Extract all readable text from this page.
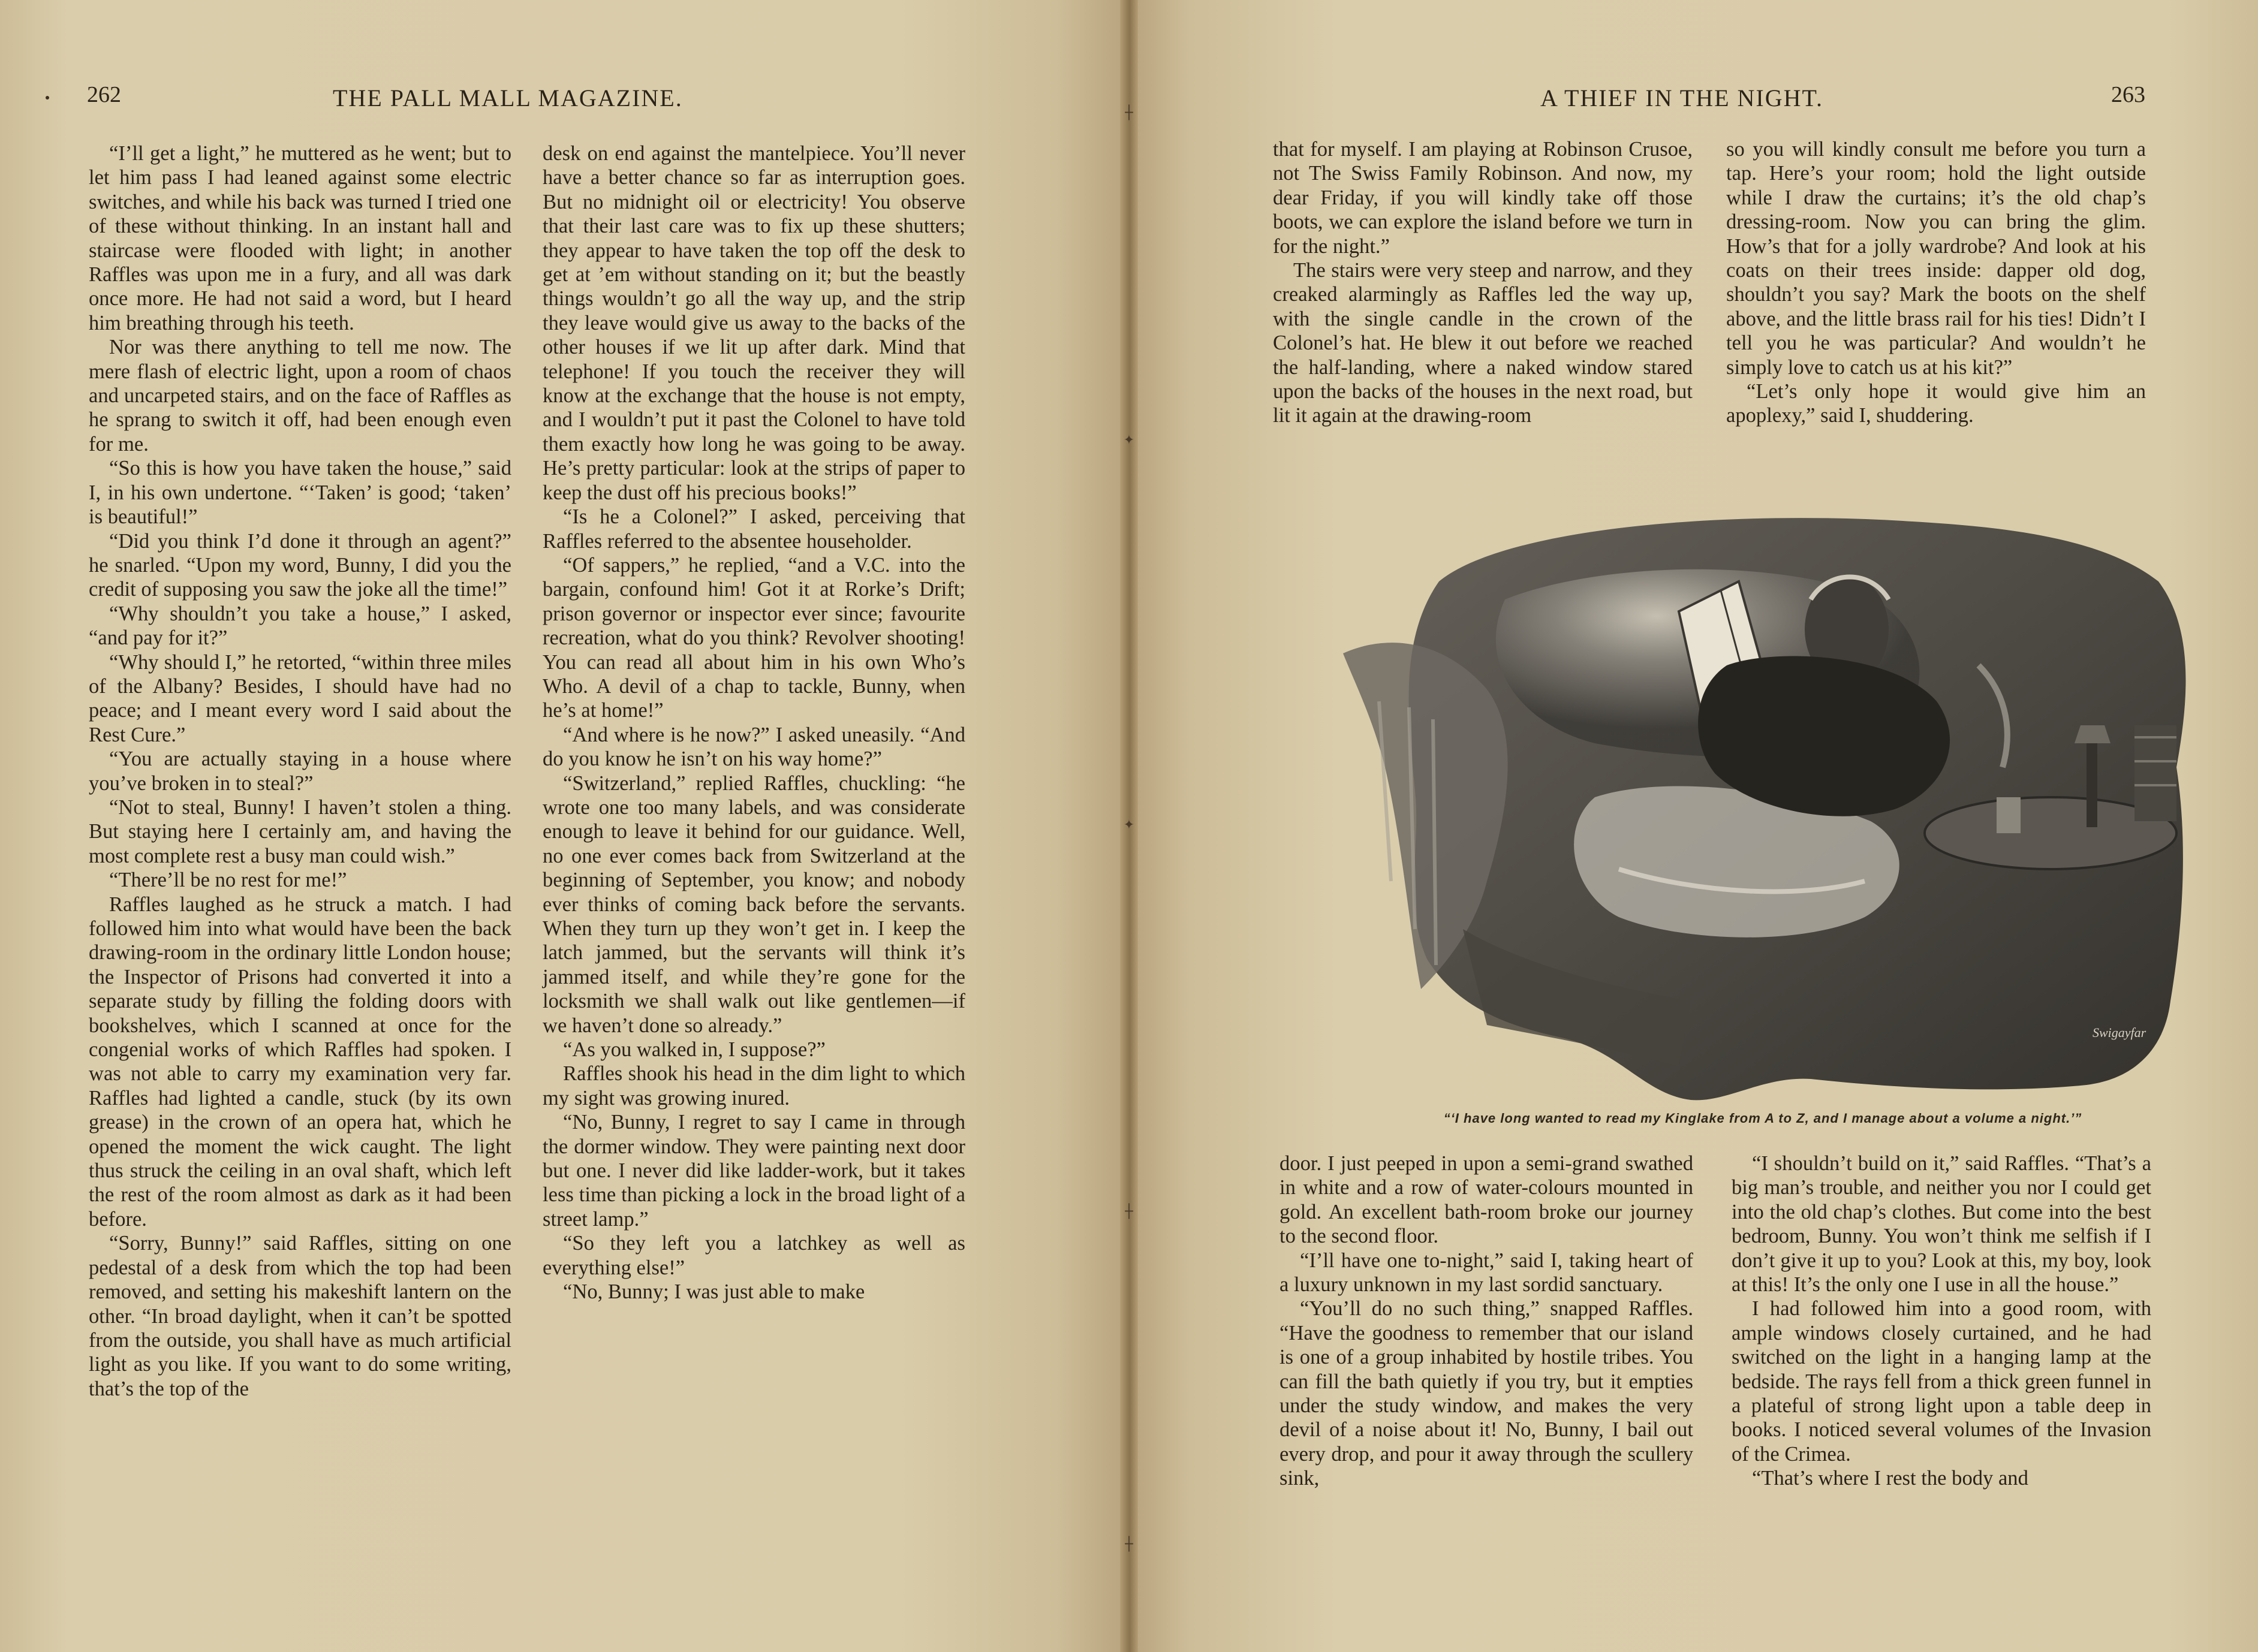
262	THE PALL MALL MAGAZINE.

“I’ll get a light,” he muttered as he went; but to let him pass I had leaned against some electric switches, and while his back was turned I tried one of these without thinking. In an instant hall and staircase were flooded with light; in another Raffles was upon me in a fury, and all was dark once more. He had not said a word, but I heard him breathing through his teeth.

Nor was there anything to tell me now. The mere flash of electric light, upon a room of chaos and uncarpeted stairs, and on the face of Raffles as he sprang to switch it off, had been enough even for me.

“So this is how you have taken the house,” said I, in his own undertone. “‘Taken’ is good; ‘taken’ is beautiful!”

“Did you think I’d done it through an agent?” he snarled. “Upon my word, Bunny, I did you the credit of supposing you saw the joke all the time!”

“Why shouldn’t you take a house,” I asked, “and pay for it?”

“Why should I,” he retorted, “within three miles of the Albany? Besides, I should have had no peace; and I meant every word I said about the Rest Cure.”

“You are actually staying in a house where you’ve broken in to steal?”

“Not to steal, Bunny! I haven’t stolen a thing. But staying here I certainly am, and having the most complete rest a busy man could wish.”

“There’ll be no rest for me!”

Raffles laughed as he struck a match. I had followed him into what would have been the back drawing-room in the ordinary little London house; the Inspector of Prisons had converted it into a separate study by filling the folding doors with bookshelves, which I scanned at once for the congenial works of which Raffles had spoken. I was not able to carry my examination very far. Raffles had lighted a candle, stuck (by its own grease) in the crown of an opera hat, which he opened the moment the wick caught. The light thus struck the ceiling in an oval shaft, which left the rest of the room almost as dark as it had been before.

“Sorry, Bunny!” said Raffles, sitting on one pedestal of a desk from which the top had been removed, and setting his makeshift lantern on the other. “In broad daylight, when it can’t be spotted from the outside, you shall have as much artificial light as you like. If you want to do some writing, that’s the top of the

desk on end against the mantelpiece. You’ll never have a better chance so far as interruption goes. But no midnight oil or electricity! You observe that their last care was to fix up these shutters; they appear to have taken the top off the desk to get at ’em without standing on it; but the beastly things wouldn’t go all the way up, and the strip they leave would give us away to the backs of the other houses if we lit up after dark. Mind that telephone! If you touch the receiver they will know at the exchange that the house is not empty, and I wouldn’t put it past the Colonel to have told them exactly how long he was going to be away. He’s pretty particular: look at the strips of paper to keep the dust off his precious books!”

“Is he a Colonel?” I asked, perceiving that Raffles referred to the absentee householder.

“Of sappers,” he replied, “and a V.C. into the bargain, confound him! Got it at Rorke’s Drift; prison governor or inspector ever since; favourite recreation, what do you think? Revolver shooting! You can read all about him in his own Who’s Who. A devil of a chap to tackle, Bunny, when he’s at home!”

“And where is he now?” I asked uneasily. “And do you know he isn’t on his way home?”

“Switzerland,” replied Raffles, chuckling: “he wrote one too many labels, and was considerate enough to leave it behind for our guidance. Well, no one ever comes back from Switzerland at the beginning of September, you know; and nobody ever thinks of coming back before the servants. When they turn up they won’t get in. I keep the latch jammed, but the servants will think it’s jammed itself, and while they’re gone for the locksmith we shall walk out like gentlemen—if we haven’t done so already.”

“As you walked in, I suppose?”

Raffles shook his head in the dim light to which my sight was growing inured.

“No, Bunny, I regret to say I came in through the dormer window. They were painting next door but one. I never did like ladder-work, but it takes less time than picking a lock in the broad light of a street lamp.”

“So they left you a latchkey as well as everything else!”

“No, Bunny; I was just able to make

A THIEF IN THE NIGHT.	263

that for myself. I am playing at Robinson Crusoe, not The Swiss Family Robinson. And now, my dear Friday, if you will kindly take off those boots, we can explore the island before we turn in for the night.”

The stairs were very steep and narrow, and they creaked alarmingly as Raffles led the way up, with the single candle in the crown of the Colonel’s hat. He blew it out before we reached the half-landing, where a naked window stared upon the backs of the houses in the next road, but lit it again at the drawing-room

so you will kindly consult me before you turn a tap. Here’s your room; hold the light outside while I draw the curtains; it’s the old chap’s dressing-room. Now you can bring the glim. How’s that for a jolly wardrobe? And look at his coats on their trees inside: dapper old dog, shouldn’t you say? Mark the boots on the shelf above, and the little brass rail for his ties! Didn’t I tell you he was particular? And wouldn’t he simply love to catch us at his kit?”

“Let’s only hope it would give him an apoplexy,” said I, shuddering.

door. I just peeped in upon a semi-grand swathed in white and a row of water-colours mounted in gold. An excellent bath-room broke our journey to the second floor.

“I’ll have one to-night,” said I, taking heart of a luxury unknown in my last sordid sanctuary.

“You’ll do no such thing,” snapped Raffles. “Have the goodness to remember that our island is one of a group inhabited by hostile tribes. You can fill the bath quietly if you try, but it empties under the study window, and makes the very devil of a noise about it! No, Bunny, I bail out every drop, and pour it away through the scullery sink,

“I shouldn’t build on it,” said Raffles. “That’s a big man’s trouble, and neither you nor I could get into the old chap’s clothes. But come into the best bedroom, Bunny. You won’t think me selfish if I don’t give it up to you? Look at this, my boy, look at this! It’s the only one I use in all the house.”

I had followed him into a good room, with ample windows closely curtained, and he had switched on the light in a hanging lamp at the bedside. The rays fell from a thick green funnel in a plateful of strong light upon a table deep in books. I noticed several volumes of the Invasion of the Crimea.

“That’s where I rest the body and

┼
✦
✦
┼
┼
Swigayfar
“‘I have long wanted to read my Kinglake from A to Z, and I manage about a volume a night.’”
